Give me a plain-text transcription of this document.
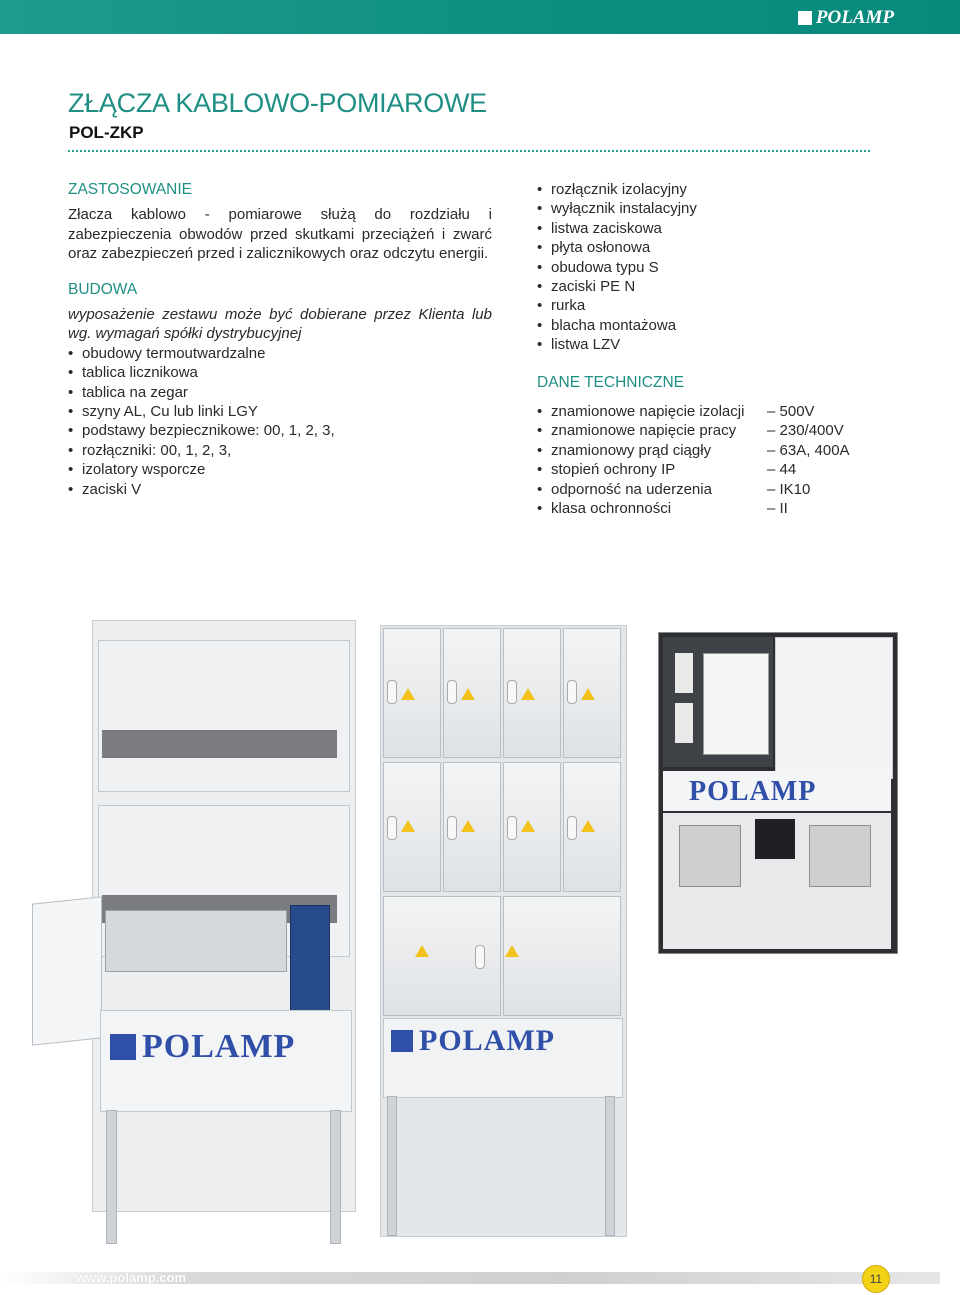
POLAMP
ZŁĄCZA KABLOWO-POMIAROWE
POL-ZKP
ZASTOSOWANIE

Złacza kablowo - pomiarowe służą do rozdziału i zabezpieczenia obwodów przed skutkami przeciążeń i zwarć oraz zabezpieczeń przed i zalicznikowych oraz odczytu energii.

BUDOWA

wyposażenie zestawu może być dobierane przez Klienta lub wg. wymagań spółki dystrybucyjnej

• obudowy termoutwardzalne
• tablica licznikowa
• tablica na zegar
• szyny AL, Cu lub linki LGY
• podstawy bezpiecznikowe: 00, 1, 2, 3,
• rozłączniki: 00, 1, 2, 3,
• izolatory wsporcze
• zaciski V
• rozłącznik izolacyjny
• wyłącznik instalacyjny
• listwa zaciskowa
• płyta osłonowa
• obudowa typu S
• zaciski PE N
• rurka
• blacha montażowa
• listwa LZV
DANE TECHNICZNE
• znamionowe napięcie izolacji	– 500V
• znamionowe napięcie pracy	– 230/400V
• znamionowy prąd ciągły	– 63A, 400A
• stopień ochrony IP	– 44
• odporność na uderzenia	– IK10
• klasa ochronności	– II
POLAMP	POLAMP
POLAMP
www.polamp.com	11
